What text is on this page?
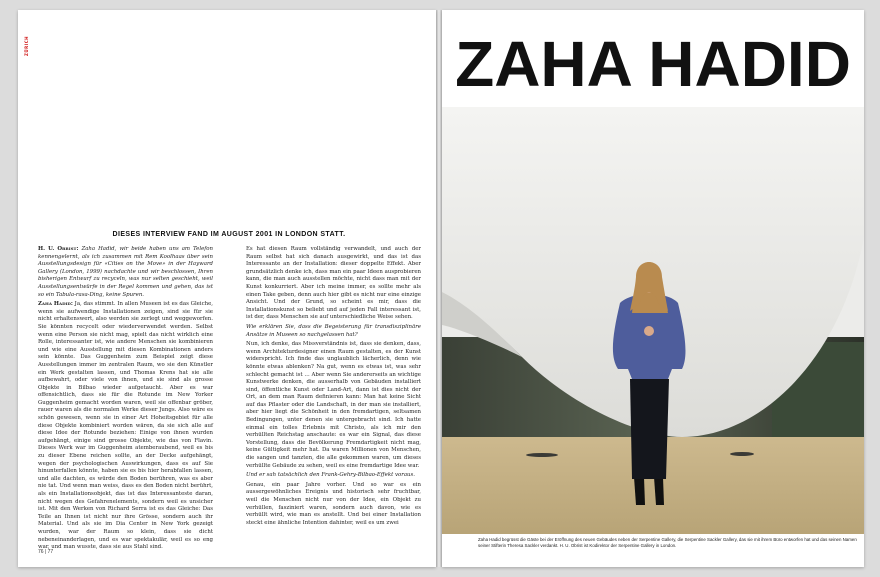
ZÜRICH
DIESES INTERVIEW FAND IM AUGUST 2001 IN LONDON STATT.

H. U. Obrist: Zaha Hadid, wir beide haben uns am Telefon kennengelernt, als ich zusammen mit Rem Koolhaas über sein Ausstellungsdesign für «Cities on the Move» in der Hayward Gallery (London, 1999) nachdachte und wir beschlossen, Ihren bisherigen Entwurf zu recyceln, was nur selten geschieht, weil Ausstellungsentwürfe in der Regel kommen und gehen, das ist so ein Tabula-rasa-Ding, keine Spuren.

Zaha Hadid: Ja, das stimmt. In allen Museen ist es das Gleiche, wenn sie aufwendige Installationen zeigen, sind sie für sie nicht erhaltenswert, also werden sie zerlegt und weggeworfen. Sie könnten recycelt oder wiederverwendet werden. Selbst wenn eine Person sie nicht mag, spielt das nicht wirklich eine Rolle, interessanter ist, wie andere Menschen sie kombinieren und wie eine Ausstellung mit diesen Kombinationen anders sein könnte. Das Guggenheim zum Beispiel zeigt diese Ausstellungen immer im zentralen Raum, wo sie den Künstler ein Werk gestalten lassen, und Thomas Krens hat sie alle aufbewahrt, oder viele von ihnen, und sie sind als grosse Objekte in Bilbao wieder aufgetaucht. Aber es war offensichtlich, dass sie für die Rotunde im New Yorker Guggenheim gemacht worden waren, weil sie offenbar gröber, rauer waren als die normalen Werke dieser Jungs. Also wäre es schön gewesen, wenn sie in einer Art Hoheitsgebiet für alle diese Objekte kombiniert worden wären, da sie sich alle auf diese Idee der Rotunde beziehen: Einige von ihnen wurden aufgehängt, einige sind grosse Objekte, wie das von Flavin. Dieses Werk war im Guggenheim atemberaubend, weil es bis zu dieser Ebene reichen sollte, an der Decke aufgehängt, wegen der psychologischen Auswirkungen, dass es auf Sie hinunterfallen könnte, haben sie es bis hier herabfallen lassen, und alle dachten, es würde den Boden berühren, was es aber nie tat. Und wenn man weiss, dass es den Boden nicht berührt, als ein Installationsobjekt, das ist das Interessanteste daran, nicht wegen des Gefahrenelements, sondern weil es unsicher ist. Mit den Werken von Richard Serra ist es das Gleiche: Das Teile an Ihnen ist nicht nur ihre Grösse, sondern auch ihr Material. Und als sie im Dia Center in New York gezeigt wurden, war der Raum so klein, dass sie dicht nebeneinanderlagen, und es war spektakulär, weil es so eng war, und man wusste, dass sie aus Stahl sind.

Es hat diesen Raum vollständig verwandelt, und auch der Raum selbst hat sich danach ausgewirkt, und das ist das Interessante an der Installation: dieser doppelte Effekt. Aber grundsätzlich denke ich, dass man ein paar Ideen ausprobieren kann, die man auch ausstellen möchte, nicht dass man mit der Kunst konkurriert. Aber ich meine immer, es sollte mehr als einen Take geben, denn auch hier gibt es nicht nur eine einzige Ansicht. Und der Grund, so scheint es mir, dass die Installationskunst so beliebt und auf jeden Fall interessant ist, ist der, dass Menschen sie auf unterschiedliche Weise sehen.

Wie erklären Sie, dass die Begeisterung für transdisziplinäre Ansätze in Museen so nachgelassen hat?

Nun, ich denke, das Missverständnis ist, dass sie denken, dass, wenn Architekturdesigner einen Raum gestalten, es der Kunst widerspricht. Ich finde das unglaublich lächerlich, denn wie könnte etwas ablenken? Na gut, wenn es etwas ist, was sehr schlecht gemacht ist … Aber wenn Sie andererseits an wichtige Kunstwerke denken, die ausserhalb von Gebäuden installiert sind, öffentliche Kunst oder Land-Art, dann ist dies nicht der Ort, an dem man Raum definieren kann: Man hat keine Sicht auf das Pflaster oder die Landschaft, in der man sie installiert, aber hier liegt die Schönheit in den fremdartigen, seltsamen Bedingungen, unter denen sie untergebracht sind. Ich hatte einmal ein tolles Erlebnis mit Christo, als ich mir den verhüllten Reichstag anschaute: es war ein Signal, das diese Vorstellung, dass die Bevölkerung Fremdartigkeit nicht mag, keine Gültigkeit mehr hat. Da waren Millionen von Menschen, die sangen und tanzten, die alle gekommen waren, um dieses verhüllte Gebäude zu sehen, weil es eine fremdartige Idee war.

Und er sah tatsächlich den Frank-Gehry-Bilbao-Effekt voraus.

Genau, ein paar Jahre vorher. Und so war es ein aussergewöhnliches Ereignis und historisch sehr fruchtbar, weil die Menschen nicht nur von der Idee, ein Objekt zu verhüllen, fasziniert waren, sondern auch davon, wie es verhüllt wird, wie man es anstellt. Und bei einer Installation steckt eine ähnliche Intention dahinter, weil es um zwei

76 | 77
ZAHA HADID
Zaha Hadid begrüsst die Gäste bei der Eröffnung des neuen Gebäudes neben der Serpentine Gallery, die Serpentine Sackler Gallery, das sie mit ihrem Büro entworfen hat und das seinen Namen seiner Stifterin Theresa Sackler verdankt. H. U. Obrist ist Kodirektor der Serpentine Gallery in London.
